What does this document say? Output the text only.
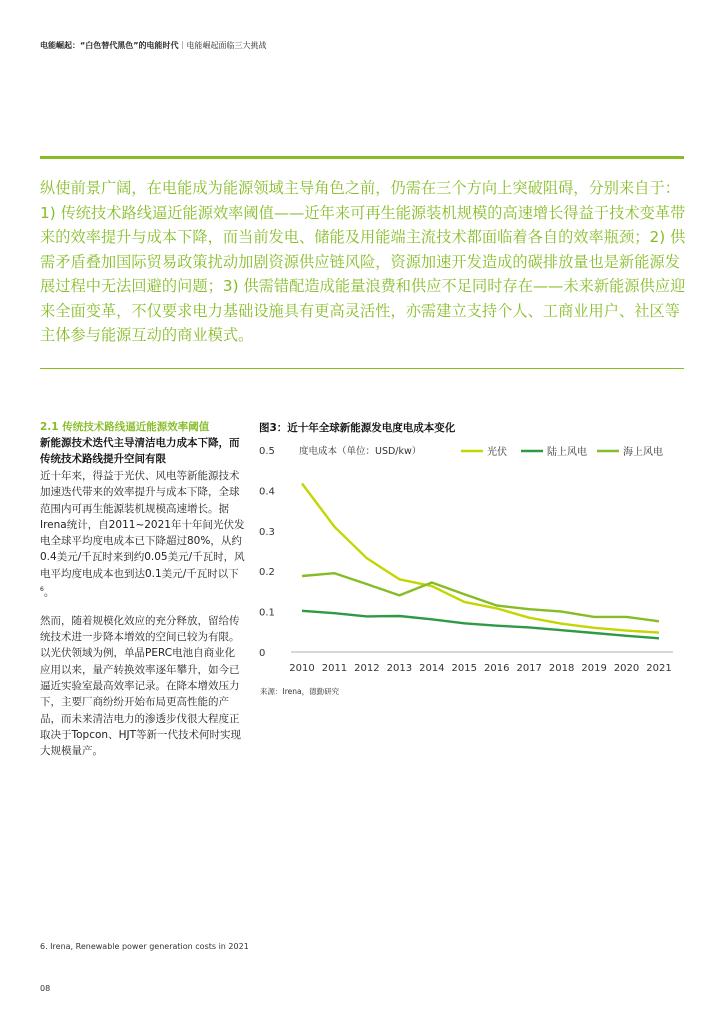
电能崛起：“白色替代黑色”的电能时代｜电能崛起面临三大挑战

纵使前景广阔，在电能成为能源领域主导角色之前，仍需在三个方向上突破阻碍，分别来自于：1) 传统技术路线逼近能源效率阈值——近年来可再生能源装机规模的高速增长得益于技术变革带来的效率提升与成本下降，而当前发电、储能及用能端主流技术都面临着各自的效率瓶颈；2) 供需矛盾叠加国际贸易政策扰动加剧资源供应链风险，资源加速开发造成的碳排放量也是新能源发展过程中无法回避的问题；3) 供需错配造成能量浪费和供应不足同时存在——未来新能源供应迎来全面变革，不仅要求电力基础设施具有更高灵活性，亦需建立支持个人、工商业用户、社区等主体参与能源互动的商业模式。

2.1 传统技术路线逼近能源效率阈值

新能源技术迭代主导清洁电力成本下降，而传统技术路线提升空间有限

近十年来，得益于光伏、风电等新能源技术加速迭代带来的效率提升与成本下降，全球范围内可再生能源装机规模高速增长。据Irena统计，自2011~2021年十年间光伏发电全球平均度电成本已下降超过80%，从约0.4美元/千瓦时来到约0.05美元/千瓦时，风电平均度电成本也到达0.1美元/千瓦时以下$^6$。

然而，随着规模化效应的充分释放，留给传统技术进一步降本增效的空间已较为有限。以光伏领域为例，单晶PERC电池自商业化应用以来，量产转换效率逐年攀升，如今已逼近实验室最高效率记录。在降本增效压力下，主要厂商纷纷开始布局更高性能的产品，而未来清洁电力的渗透步伐很大程度正取决于Topcon、HJT等新一代技术何时实现大规模量产。

图3：近十年全球新能源发电度电成本变化
0
0.1
0.2
0.3
0.4
0.5
2010 2011 2012 2013 2014 2015 2016 2017 2018 2019 2020 2021
度电成本（单位：USD/kw）	光伏	陆上风电	海上风电
来源：Irena，德勤研究
6. Irena, Renewable power generation costs in 2021
08
